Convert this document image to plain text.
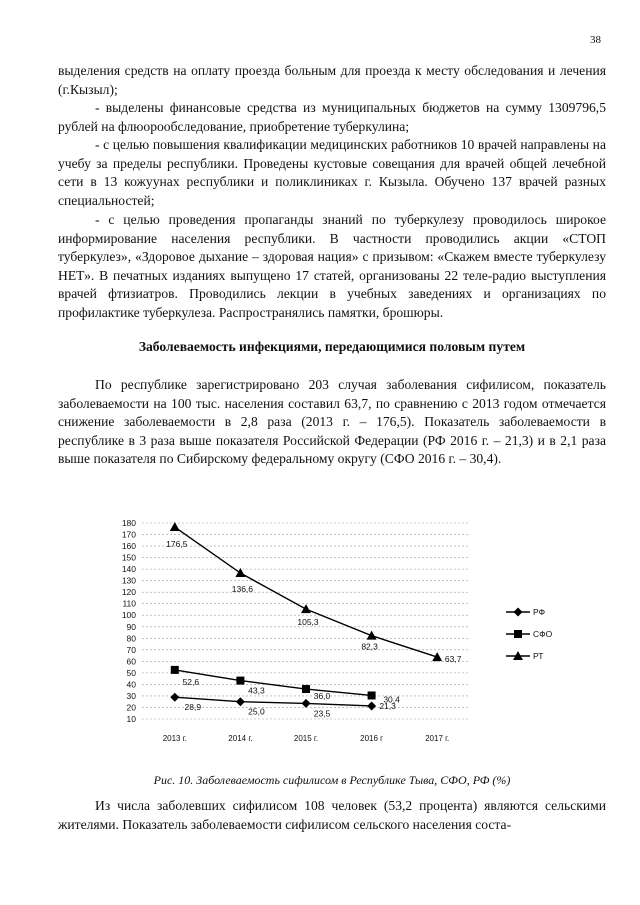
38

выделения средств на оплату проезда больным для проезда к месту обследования и лечения (г.Кызыл);

- выделены финансовые средства из муниципальных бюджетов на сумму 1309796,5 рублей на флюорообследование, приобретение туберкулина;

- с целью повышения квалификации медицинских работников 10 врачей направлены на учебу за пределы республики. Проведены кустовые совещания для врачей общей лечебной сети в 13 кожуунах республики и поликлиниках г. Кызыла. Обучено 137 врачей разных специальностей;

- с целью проведения пропаганды знаний по туберкулезу проводилось широкое информирование населения республики. В частности проводились акции «СТОП туберкулез», «Здоровое дыхание – здоровая нация» с призывом: «Скажем вместе туберкулезу НЕТ». В печатных изданиях выпущено 17 статей, организованы 22 теле-радио выступления врачей фтизиатров. Проводились лекции в учебных заведениях и организациях по профилактике туберкулеза. Распространялись памятки, брошюры.

Заболеваемость инфекциями, передающимися половым путем

По республике зарегистрировано 203 случая заболевания сифилисом, показатель заболеваемости на 100 тыс. населения составил 63,7, по сравнению с 2013 годом отмечается снижение заболеваемости в 2,8 раза (2013 г. – 176,5). Показатель заболеваемости в республике в 3 раза выше показателя Российской Федерации (РФ 2016 г. – 21,3) и в 2,1 раза выше показателя по Сибирскому федеральному округу (СФО 2016 г. – 30,4).

10
20
30
40
50
60
70
80
90
100
110
120
130
140
150
160
170
180
2013 г.	2014 г.	2015 г.	2016 г	2017 г.
28,9	25,0	23,5
21,3
52,6
43,3
36,0	30,4
176,5
136,6
105,3
82,3
63,7
РФ
СФО
РТ

Рис. 10. Заболеваемость сифилисом в Республике Тыва, СФО, РФ (%)

Из числа заболевших сифилисом 108 человек (53,2 процента) являются сельскими жителями. Показатель заболеваемости сифилисом сельского населения соста-
